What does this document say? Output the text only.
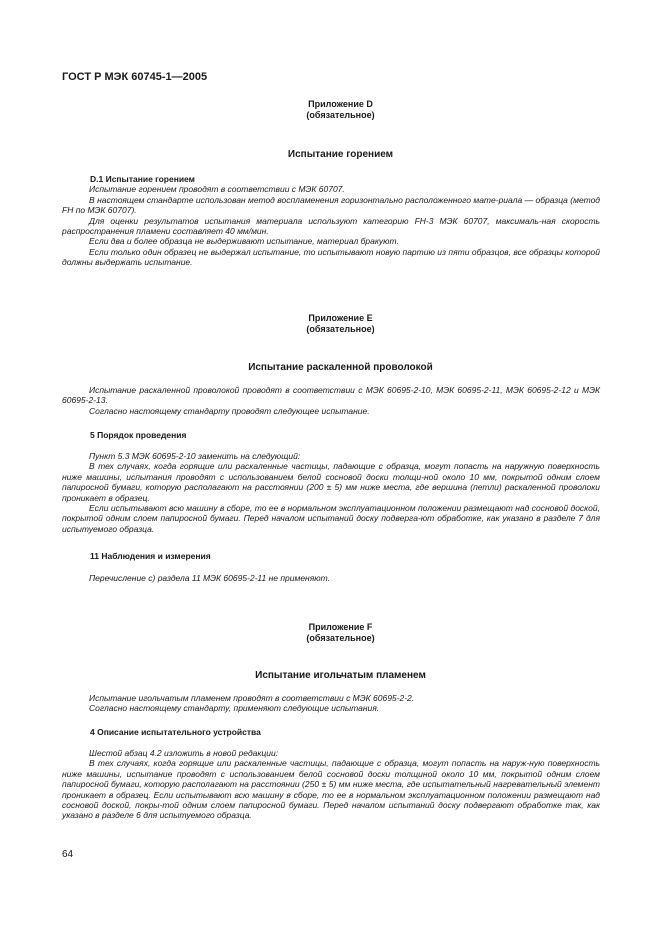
ГОСТ Р МЭК 60745-1—2005
Приложение D
(обязательное)
Испытание горением

D.1 Испытание горением

Испытание горением проводят в соответствии с МЭК 60707.

В настоящем стандарте использован метод воспламенения горизонтально расположенного мате-риала — образца (метод FH по МЭК 60707).

Для оценки результатов испытания материала используют категорию FH-3 МЭК 60707, максималь-ная скорость распространения пламени составляет 40 мм/мин.

Если два и более образца не выдерживают испытание, материал бракуют.

Если только один образец не выдержал испытание, то испытывают новую партию из пяти образцов, все образцы которой должны выдержать испытание.

Приложение E
(обязательное)
Испытание раскаленной проволокой

Испытание раскаленной проволокой проводят в соответствии с МЭК 60695-2-10, МЭК 60695-2-11, МЭК 60695-2-12 и МЭК 60695-2-13.

Согласно настоящему стандарту проводят следующее испытание.

5 Порядок проведения

Пункт 5.3 МЭК 60695-2-10 заменить на следующий:

В тех случаях, когда горящие или раскаленные частицы, падающие с образца, могут попасть на наружную поверхность ниже машины, испытания проводят с использованием белой сосновой доски толщи-ной около 10 мм, покрытой одним слоем папиросной бумаги, которую располагают на расстоянии (200 ± 5) мм ниже места, где вершина (петли) раскаленной проволоки проникает в образец.

Если испытывают всю машину в сборе, то ее в нормальном эксплуатационном положении размещают над сосновой доской, покрытой одним слоем папиросной бумаги. Перед началом испытаний доску подвергa-ют обработке, как указано в разделе 7 для испытуемого образца.

11 Наблюдения и измерения

Перечисление с) раздела 11 МЭК 60695-2-11 не применяют.

Приложение F
(обязательное)
Испытание игольчатым пламенем

Испытание игольчатым пламенем проводят в соответствии с МЭК 60695-2-2.

Согласно настоящему стандарту, применяют следующие испытания.

4 Описание испытательного устройства

Шестой абзац 4.2 изложить в новой редакции:

В тех случаях, когда горящие или раскаленные частицы, падающие с образца, могут попасть на наруж-ную поверхность ниже машины, испытание проводят с использованием белой сосновой доски толщиной около 10 мм, покрытой одним слоем папиросной бумаги, которую располагают на расстоянии (250 ± 5) мм ниже места, где испытательный нагревательный элемент проникает в образец. Если испытывают всю машину в сборе, то ее в нормальном эксплуатационном положении размещают над сосновой доской, покры-той одним слоем папиросной бумаги. Перед началом испытаний доску подвергают обработке так, как указано в разделе 6 для испытуемого образца.

64
